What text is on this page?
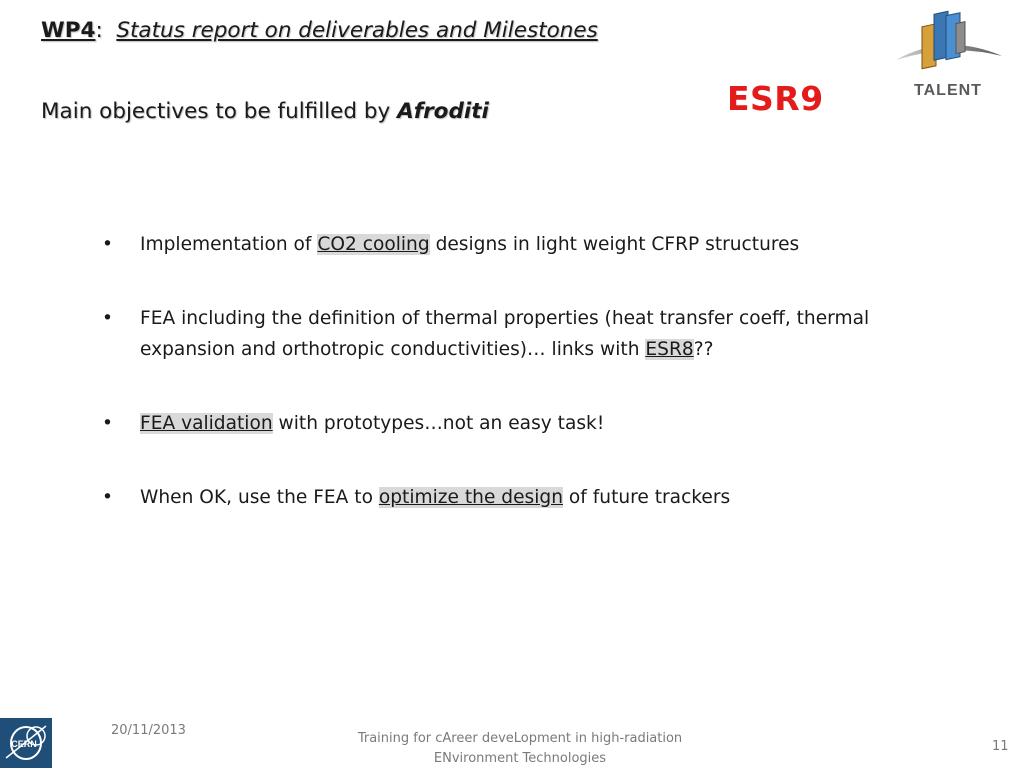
WP4: Status report on deliverables and Milestones
Main objectives to be fulfilled by Afroditi	ESR9	TALENT
• Implementation of CO2 cooling designs in light weight CFRP structures
• FEA including the definition of thermal properties (heat transfer coeff, thermal expansion and orthotropic conductivities)… links with ESR8??
• FEA validation with prototypes…not an easy task!
• When OK, use the FEA to optimize the design of future trackers
CERN
20/11/2013
Training for cAreer deveLopment in high-radiation
ENvironment Technologies
11
